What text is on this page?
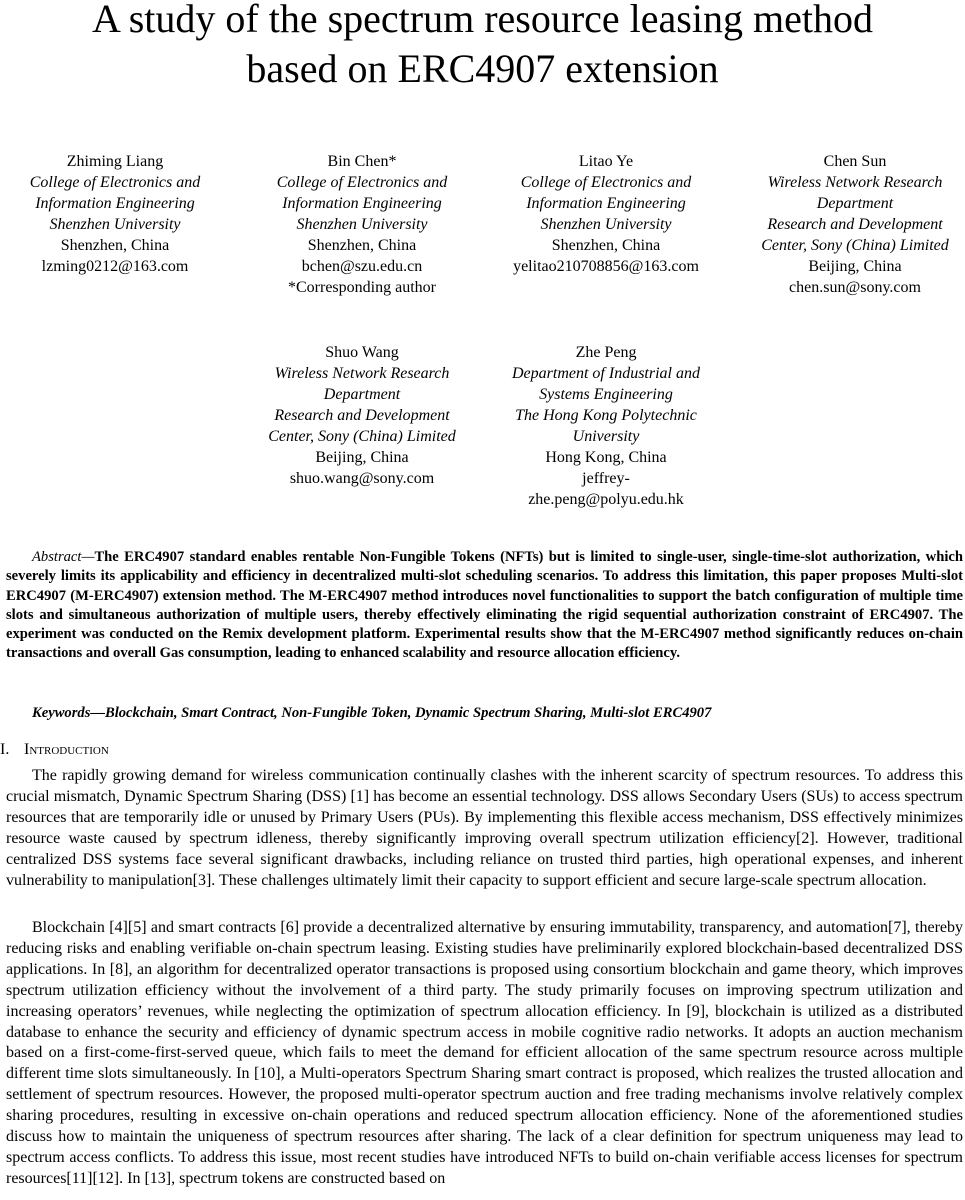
A study of the spectrum resource leasing method
based on ERC4907 extension
Zhiming Liang
College of Electronics and
Information Engineering
Shenzhen University
Shenzhen, China
lzming0212@163.com
Bin Chen*
College of Electronics and
Information Engineering
Shenzhen University
Shenzhen, China
bchen@szu.edu.cn
*Corresponding author
Litao Ye
College of Electronics and
Information Engineering
Shenzhen University
Shenzhen, China
yelitao210708856@163.com
Chen Sun
Wireless Network Research
Department
Research and Development
Center, Sony (China) Limited
Beijing, China
chen.sun@sony.com
Shuo Wang
Wireless Network Research
Department
Research and Development
Center, Sony (China) Limited
Beijing, China
shuo.wang@sony.com
Zhe Peng
Department of Industrial and
Systems Engineering
The Hong Kong Polytechnic
University
Hong Kong, China
jeffrey-
zhe.peng@polyu.edu.hk

Abstract—The ERC4907 standard enables rentable Non-Fungible Tokens (NFTs) but is limited to single-user, single-time-slot authorization, which severely limits its applicability and efficiency in decentralized multi-slot scheduling scenarios. To address this limitation, this paper proposes Multi-slot ERC4907 (M-ERC4907) extension method. The M-ERC4907 method introduces novel functionalities to support the batch configuration of multiple time slots and simultaneous authorization of multiple users, thereby effectively eliminating the rigid sequential authorization constraint of ERC4907. The experiment was conducted on the Remix development platform. Experimental results show that the M-ERC4907 method significantly reduces on-chain transactions and overall Gas consumption, leading to enhanced scalability and resource allocation efficiency.

Keywords—Blockchain, Smart Contract, Non-Fungible Token, Dynamic Spectrum Sharing, Multi-slot ERC4907

I. Introduction

The rapidly growing demand for wireless communication continually clashes with the inherent scarcity of spectrum resources. To address this crucial mismatch, Dynamic Spectrum Sharing (DSS) [1] has become an essential technology. DSS allows Secondary Users (SUs) to access spectrum resources that are temporarily idle or unused by Primary Users (PUs). By implementing this flexible access mechanism, DSS effectively minimizes resource waste caused by spectrum idleness, thereby significantly improving overall spectrum utilization efficiency[2]. However, traditional centralized DSS systems face several significant drawbacks, including reliance on trusted third parties, high operational expenses, and inherent vulnerability to manipulation[3]. These challenges ultimately limit their capacity to support efficient and secure large-scale spectrum allocation.

Blockchain [4][5] and smart contracts [6] provide a decentralized alternative by ensuring immutability, transparency, and automation[7], thereby reducing risks and enabling verifiable on-chain spectrum leasing. Existing studies have preliminarily explored blockchain-based decentralized DSS applications. In [8], an algorithm for decentralized operator transactions is proposed using consortium blockchain and game theory, which improves spectrum utilization efficiency without the involvement of a third party. The study primarily focuses on improving spectrum utilization and increasing operators’ revenues, while neglecting the optimization of spectrum allocation efficiency. In [9], blockchain is utilized as a distributed database to enhance the security and efficiency of dynamic spectrum access in mobile cognitive radio networks. It adopts an auction mechanism based on a first-come-first-served queue, which fails to meet the demand for efficient allocation of the same spectrum resource across multiple different time slots simultaneously. In [10], a Multi-operators Spectrum Sharing smart contract is proposed, which realizes the trusted allocation and settlement of spectrum resources. However, the proposed multi-operator spectrum auction and free trading mechanisms involve relatively complex sharing procedures, resulting in excessive on-chain operations and reduced spectrum allocation efficiency. None of the aforementioned studies discuss how to maintain the uniqueness of spectrum resources after sharing. The lack of a clear definition for spectrum uniqueness may lead to spectrum access conflicts. To address this issue, most recent studies have introduced NFTs to build on-chain verifiable access licenses for spectrum resources[11][12]. In [13], spectrum tokens are constructed based on
